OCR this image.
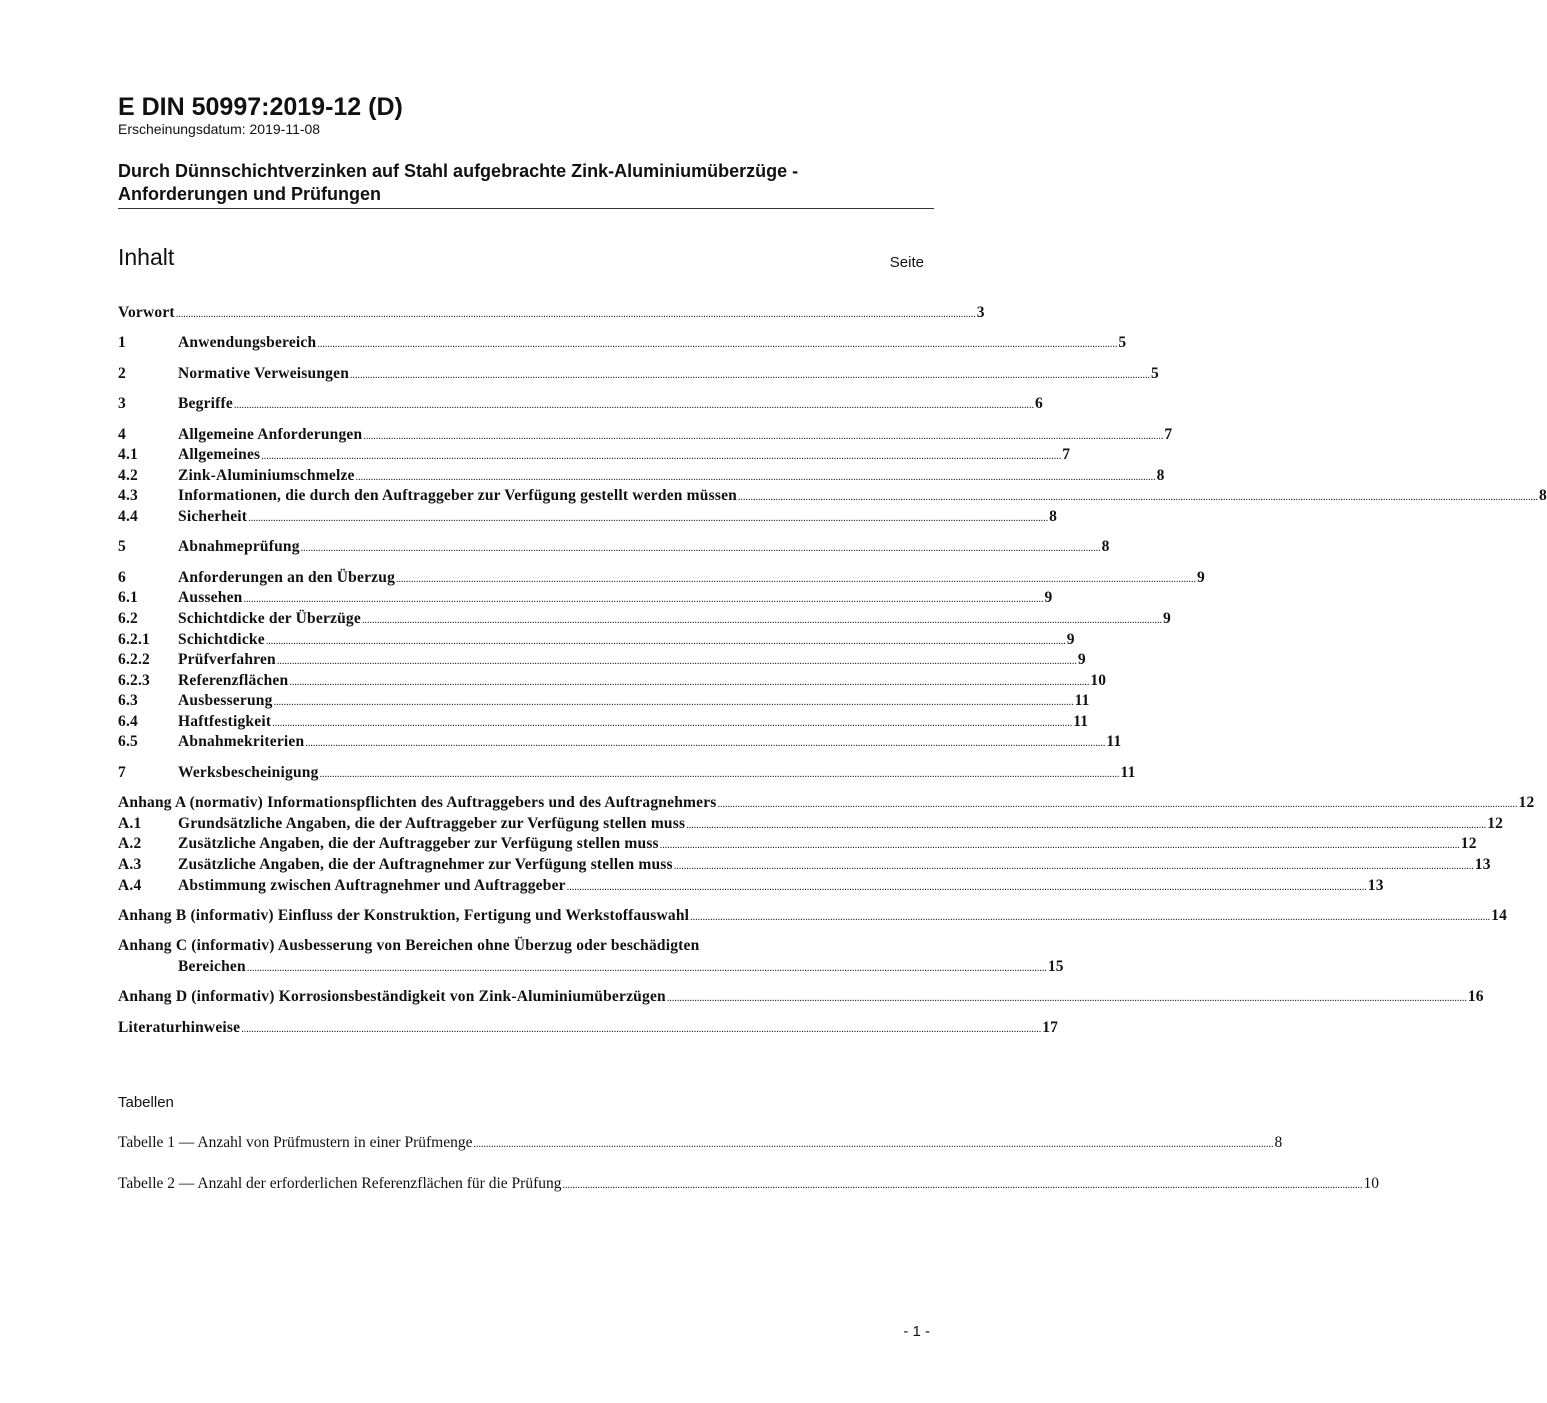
E DIN 50997:2019-12 (D)
Erscheinungsdatum: 2019-11-08
Durch Dünnschichtverzinken auf Stahl aufgebrachte Zink-Aluminiumüberzüge -
Anforderungen und Prüfungen
Inhalt	Seite
Vorwort .....	3
1	Anwendungsbereich .....	5
2	Normative Verweisungen .....	5
3	Begriffe .....	6
4	Allgemeine Anforderungen .....	7
4.1	Allgemeines .....	7
4.2	Zink-Aluminiumschmelze .....	8
4.3	Informationen, die durch den Auftraggeber zur Verfügung gestellt werden müssen .....	8
4.4	Sicherheit .....	8
5	Abnahmeprüfung .....	8
6	Anforderungen an den Überzug .....	9
6.1	Aussehen .....	9
6.2	Schichtdicke der Überzüge .....	9
6.2.1	Schichtdicke .....	9
6.2.2	Prüfverfahren .....	9
6.2.3	Referenzflächen .....	10
6.3	Ausbesserung .....	11
6.4	Haftfestigkeit .....	11
6.5	Abnahmekriterien .....	11
7	Werksbescheinigung .....	11
Anhang A (normativ) Informationspflichten des Auftraggebers und des Auftragnehmers .....	12
A.1	Grundsätzliche Angaben, die der Auftraggeber zur Verfügung stellen muss .....	12
A.2	Zusätzliche Angaben, die der Auftraggeber zur Verfügung stellen muss .....	12
A.3	Zusätzliche Angaben, die der Auftragnehmer zur Verfügung stellen muss .....	13
A.4	Abstimmung zwischen Auftragnehmer und Auftraggeber .....	13
Anhang B (informativ) Einfluss der Konstruktion, Fertigung und Werkstoffauswahl .....	14
Anhang C (informativ) Ausbesserung von Bereichen ohne Überzug oder beschädigten
Bereichen .....	15
Anhang D (informativ) Korrosionsbeständigkeit von Zink-Aluminiumüberzügen .....	16
Literaturhinweise .....	17
Tabellen
Tabelle 1 — Anzahl von Prüfmustern in einer Prüfmenge .....	8
Tabelle 2 — Anzahl der erforderlichen Referenzflächen für die Prüfung .....	10
- 1 -
